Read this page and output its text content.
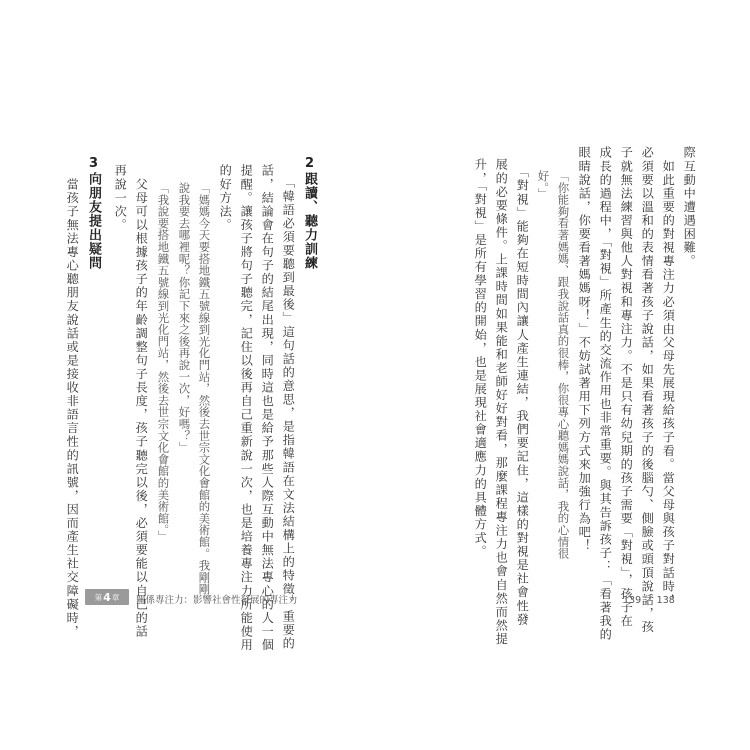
際互動中遭遇困難。

　如此重要的對視專注力必須由父母先展現給孩子看。當父母與孩子對話時，

必須要以溫和的表情看著孩子說話，如果看著孩子的後腦勺、側臉或頭頂說話，孩

子就無法練習與他人對視和專注力。不是只有幼兒期的孩子需要「對視」，孩子在

成長的過程中，「對視」所產生的交流作用也非常重要。與其告訴孩子：「看著我的

眼睛說話，你要看著媽媽呀！」不妨試著用下列方式來加強行為吧！

「你能夠看著媽媽、跟我說話真的很棒，你很專心聽媽媽說話，我的心情很

好。」

　「對視」能夠在短時間內讓人產生連結，我們要記住，這樣的對視是社會性發

展的必要條件。上課時間如果能和老師好好對看，那麼課程專注力也會自然而然提

升，「對視」是所有學習的開始，也是展現社會適應力的具體方式。

2跟讀、聽力訓練

「韓語必須要聽到最後」這句話的意思，是指韓語在文法結構上的特徵。重要的

話，結論會在句子的結尾出現，同時這也是給予那些人際互動中無法專心的人一個

提醒。讓孩子將句子聽完，記住以後再自己重新說一次，也是培養專注力所能使用

的好方法。

「媽媽今天要搭地鐵五號線到光化門站，然後去世宗文化會館的美術館。我剛剛

說我要去哪裡呢？你記下來之後再說一次，好嗎？」

「我說要搭地鐵五號線到光化門站，然後去世宗文化會館的美術館。」

　父母可以根據孩子的年齡調整句子長度，孩子聽完以後，必須要能以自己的話

再說一次。

3向朋友提出疑問

　當孩子無法專心聽朋友說話或是接收非語言性的訊號，因而產生社交障礙時， 第 4 章 關係專注力：影響社會性發展的專注力	139 ／ 138
